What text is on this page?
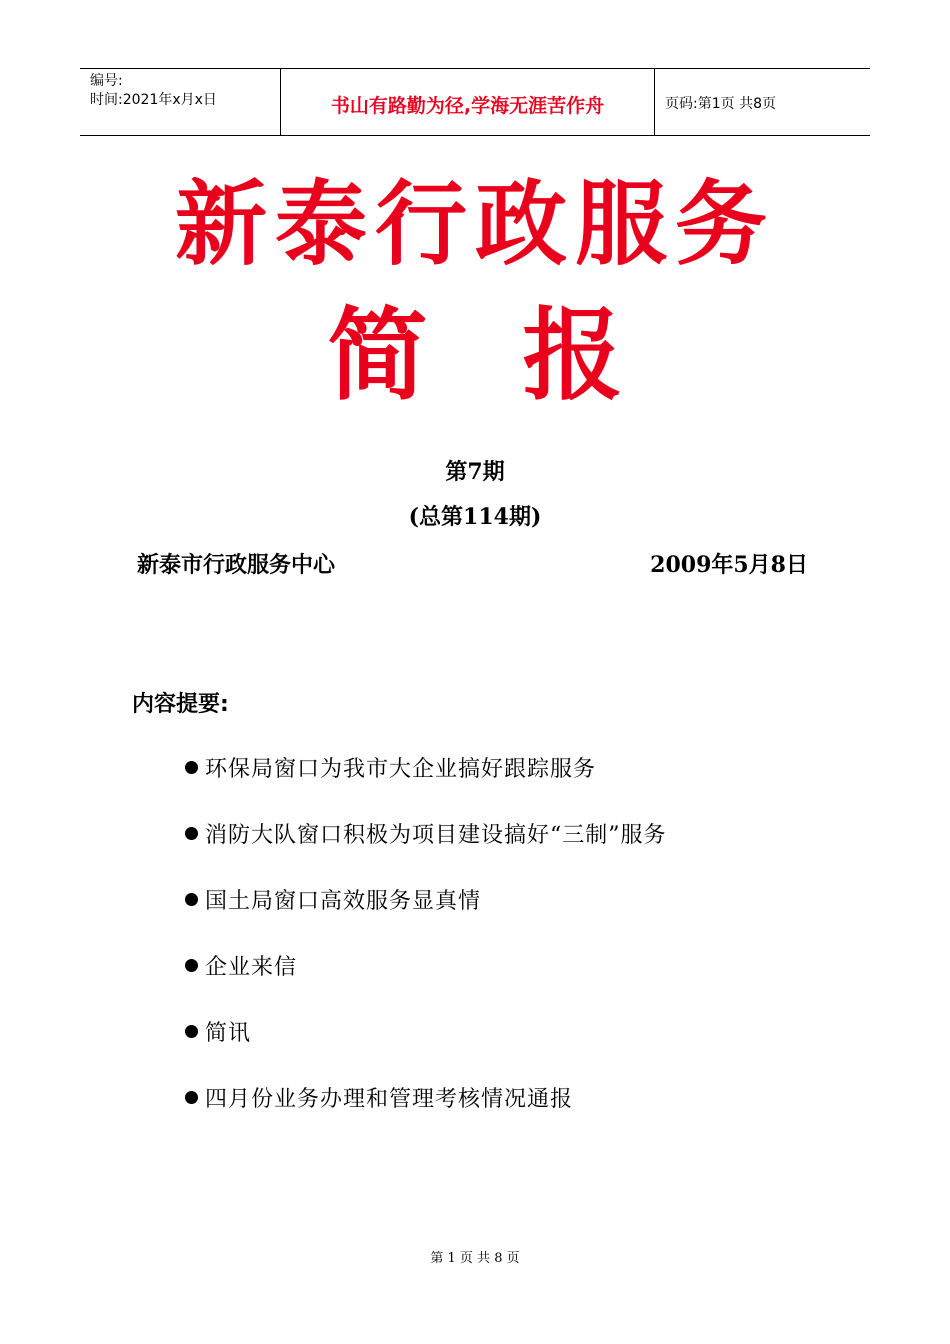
编号:
时间:2021年x月x日	书山有路勤为径,学海无涯苦作舟	页码:第1页 共8页
新泰行政服务
简 报
第7期
(总第114期)
新泰市行政服务中心	2009年5月8日
内容提要:
环保局窗口为我市大企业搞好跟踪服务
消防大队窗口积极为项目建设搞好“三制”服务
国土局窗口高效服务显真情
企业来信
简讯
四月份业务办理和管理考核情况通报
第 1 页 共 8 页
